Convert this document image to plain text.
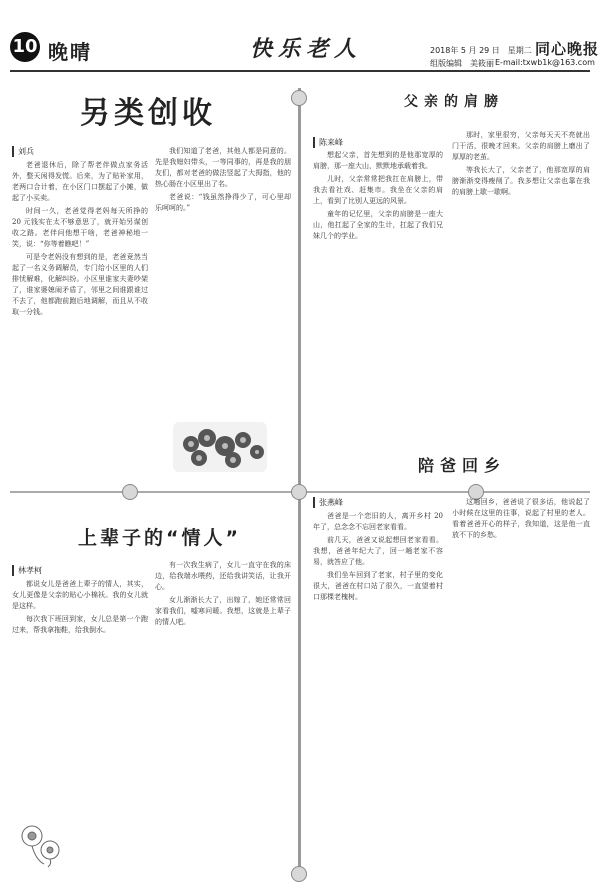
10 晚晴	快乐老人	2018年 5 月 29 日　星期二 同心晚报
组版编辑　美筱丽 E-mail:txwb1k@163.com
另类创收
刘兵

老爸退休后，除了帮老伴做点家务活外，整天闲得发慌。后来，为了贴补家用，老两口合计着，在小区门口摆起了小摊，做起了小买卖。

时间一久，老爸觉得老妈每天所挣的 20 元钱实在太不够意思了，就开始另谋创收之路。老伴问他想干啥，老爸神秘地一笑，说：“你等着瞧吧！”

可是令老妈没有想到的是，老爸竟然当起了一名义务调解员，专门给小区里的人们排忧解难，化解纠纷。小区里谁家夫妻吵架了，谁家婆媳闹矛盾了，邻里之间谁跟谁过不去了，他都跑前跑后地调解，而且从不收取一分钱。

我们知道了老爸，其他人都是同意的。先是我媳妇带头，一等同事的，再是我的朋友们，都对老爸的做法竖起了大拇指，他的热心肠在小区里出了名。

老爸说：“钱虽然挣得少了，可心里却乐呵呵的。”

父亲的肩膀
陈来峰

想起父亲，首先想到的是他那宽厚的肩膀，那一座大山，默默地承载着我。

儿时，父亲常常把我扛在肩膀上，带我去看社戏、赶集市。我坐在父亲的肩上，看到了比别人更远的风景。

童年的记忆里，父亲的肩膀是一座大山，他扛起了全家的生计，扛起了我们兄妹几个的学业。

那时，家里很穷，父亲每天天不亮就出门干活，很晚才回来。父亲的肩膀上磨出了厚厚的老茧。

等我长大了，父亲老了，他那宽厚的肩膀渐渐变得瘦削了。我多想让父亲也靠在我的肩膀上歇一歇啊。

陪爸回乡
张燕峰

爸爸是一个恋旧的人，离开乡村 20 年了，总念念不忘回老家看看。

前几天，爸爸又说起想回老家看看。我想，爸爸年纪大了，回一趟老家不容易，就答应了他。

我们坐车回到了老家，村子里的变化很大，爸爸在村口站了很久，一直望着村口那棵老槐树。

这趟回乡，爸爸说了很多话，他说起了小时候在这里的往事，说起了村里的老人。看着爸爸开心的样子，我知道，这是他一直放不下的乡愁。

上辈子的“情人”
林孝柯

都说女儿是爸爸上辈子的情人，其实，女儿更像是父亲的贴心小棉袄。我的女儿就是这样。

每次我下班回到家，女儿总是第一个跑过来，帮我拿拖鞋，给我倒水。

有一次我生病了，女儿一直守在我的床边，给我端水喂药，还给我讲笑话，让我开心。

女儿渐渐长大了，出嫁了，她还常常回家看我们，嘘寒问暖。我想，这就是上辈子的情人吧。
